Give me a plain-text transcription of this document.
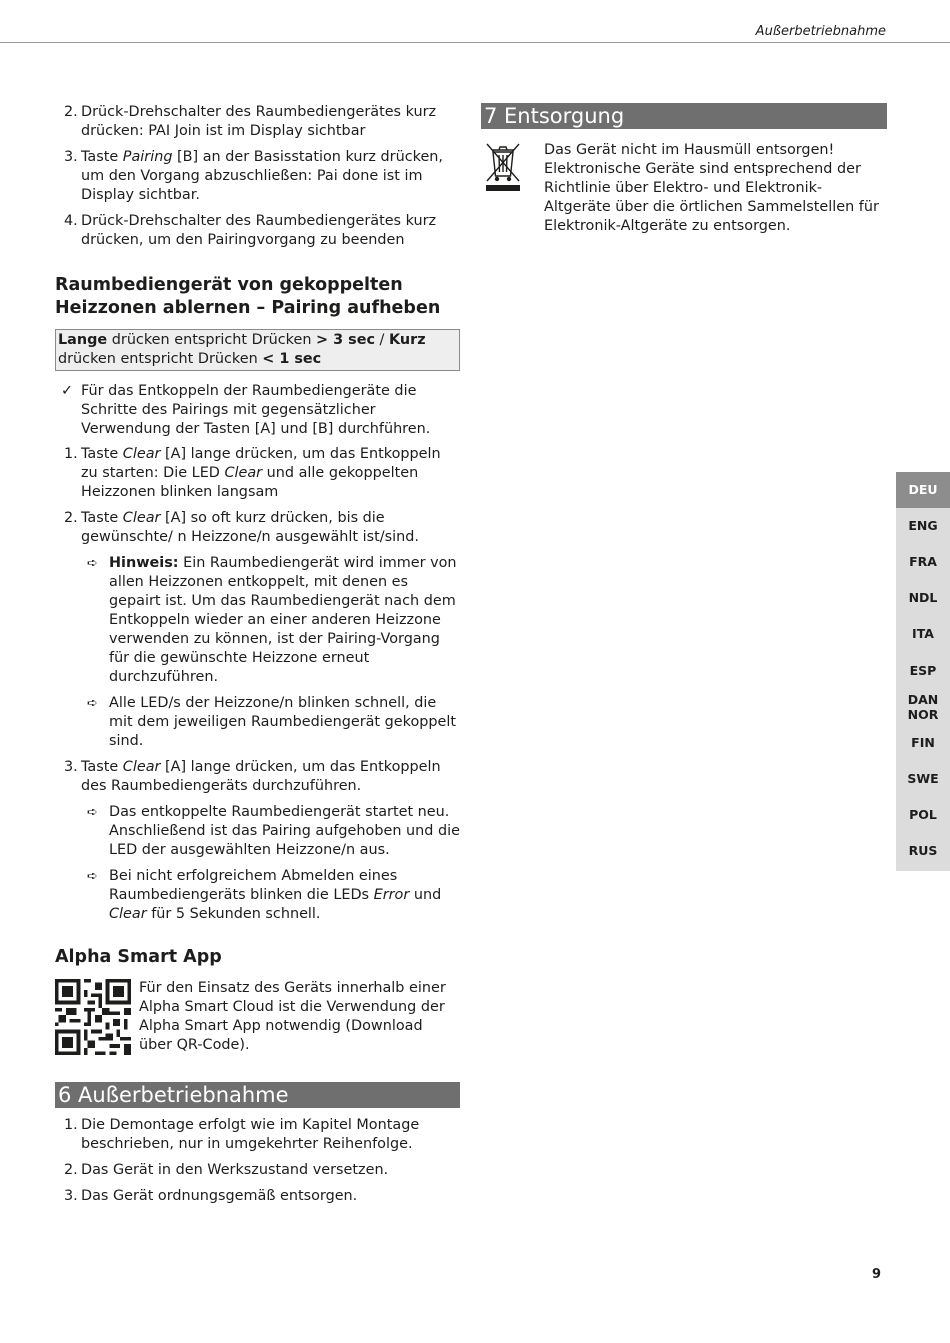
Außerbetriebnahme
2. Drück-Drehschalter des Raumbediengerätes kurz drücken: PAI Join ist im Display sichtbar

3. Taste Pairing [B] an der Basisstation kurz drücken, um den Vorgang abzuschließen: Pai done ist im Display sichtbar.

4. Drück-Drehschalter des Raumbediengerätes kurz drücken, um den Pairingvorgang zu beenden

Raumbediengerät von gekoppelten Heizzonen ablernen – Pairing aufheben
Lange drücken entspricht Drücken > 3 sec / Kurz drücken entspricht Drücken < 1 sec
✓ Für das Entkoppeln der Raumbediengeräte die Schritte des Pairings mit gegensätzlicher Verwendung der Tasten [A] und [B] durchführen.
1. Taste Clear [A] lange drücken, um das Entkoppeln zu starten: Die LED Clear und alle gekoppelten Heizzonen blinken langsam

2. Taste Clear [A] so oft kurz drücken, bis die gewünschte/ n Heizzone/n ausgewählt ist/sind.

➪ Hinweis: Ein Raumbediengerät wird immer von allen Heizzonen entkoppelt, mit denen es gepairt ist. Um das Raumbediengerät nach dem Entkoppeln wieder an einer anderen Heizzone verwenden zu können, ist der Pairing-Vorgang für die gewünschte Heizzone erneut durchzuführen.
➪ Alle LED/s der Heizzone/n blinken schnell, die mit dem jeweiligen Raumbediengerät gekoppelt sind.
3. Taste Clear [A] lange drücken, um das Entkoppeln des Raumbediengeräts durchzuführen.

➪ Das entkoppelte Raumbediengerät startet neu. Anschließend ist das Pairing aufgehoben und die LED der ausgewählten Heizzone/n aus.
➪ Bei nicht erfolgreichem Abmelden eines Raumbediengeräts blinken die LEDs Error und Clear für 5 Sekunden schnell.
Alpha Smart App
Für den Einsatz des Geräts innerhalb einer Alpha Smart Cloud ist die Verwendung der Alpha Smart App notwendig (Download über QR-Code).
6 Außerbetriebnahme
1. Die Demontage erfolgt wie im Kapitel Montage beschrieben, nur in umgekehrter Reihenfolge.

2. Das Gerät in den Werkszustand versetzen.

3. Das Gerät ordnungsgemäß entsorgen.

7 Entsorgung

Das Gerät nicht im Hausmüll entsorgen! Elektronische Geräte sind entsprechend der Richtlinie über Elektro- und Elektronik-Altgeräte über die örtlichen Sammelstellen für Elektronik-Altgeräte zu entsorgen.

DEU
ENG
FRA
NDL
ITA
ESP
DAN
NOR
FIN
SWE
POL
RUS
9
